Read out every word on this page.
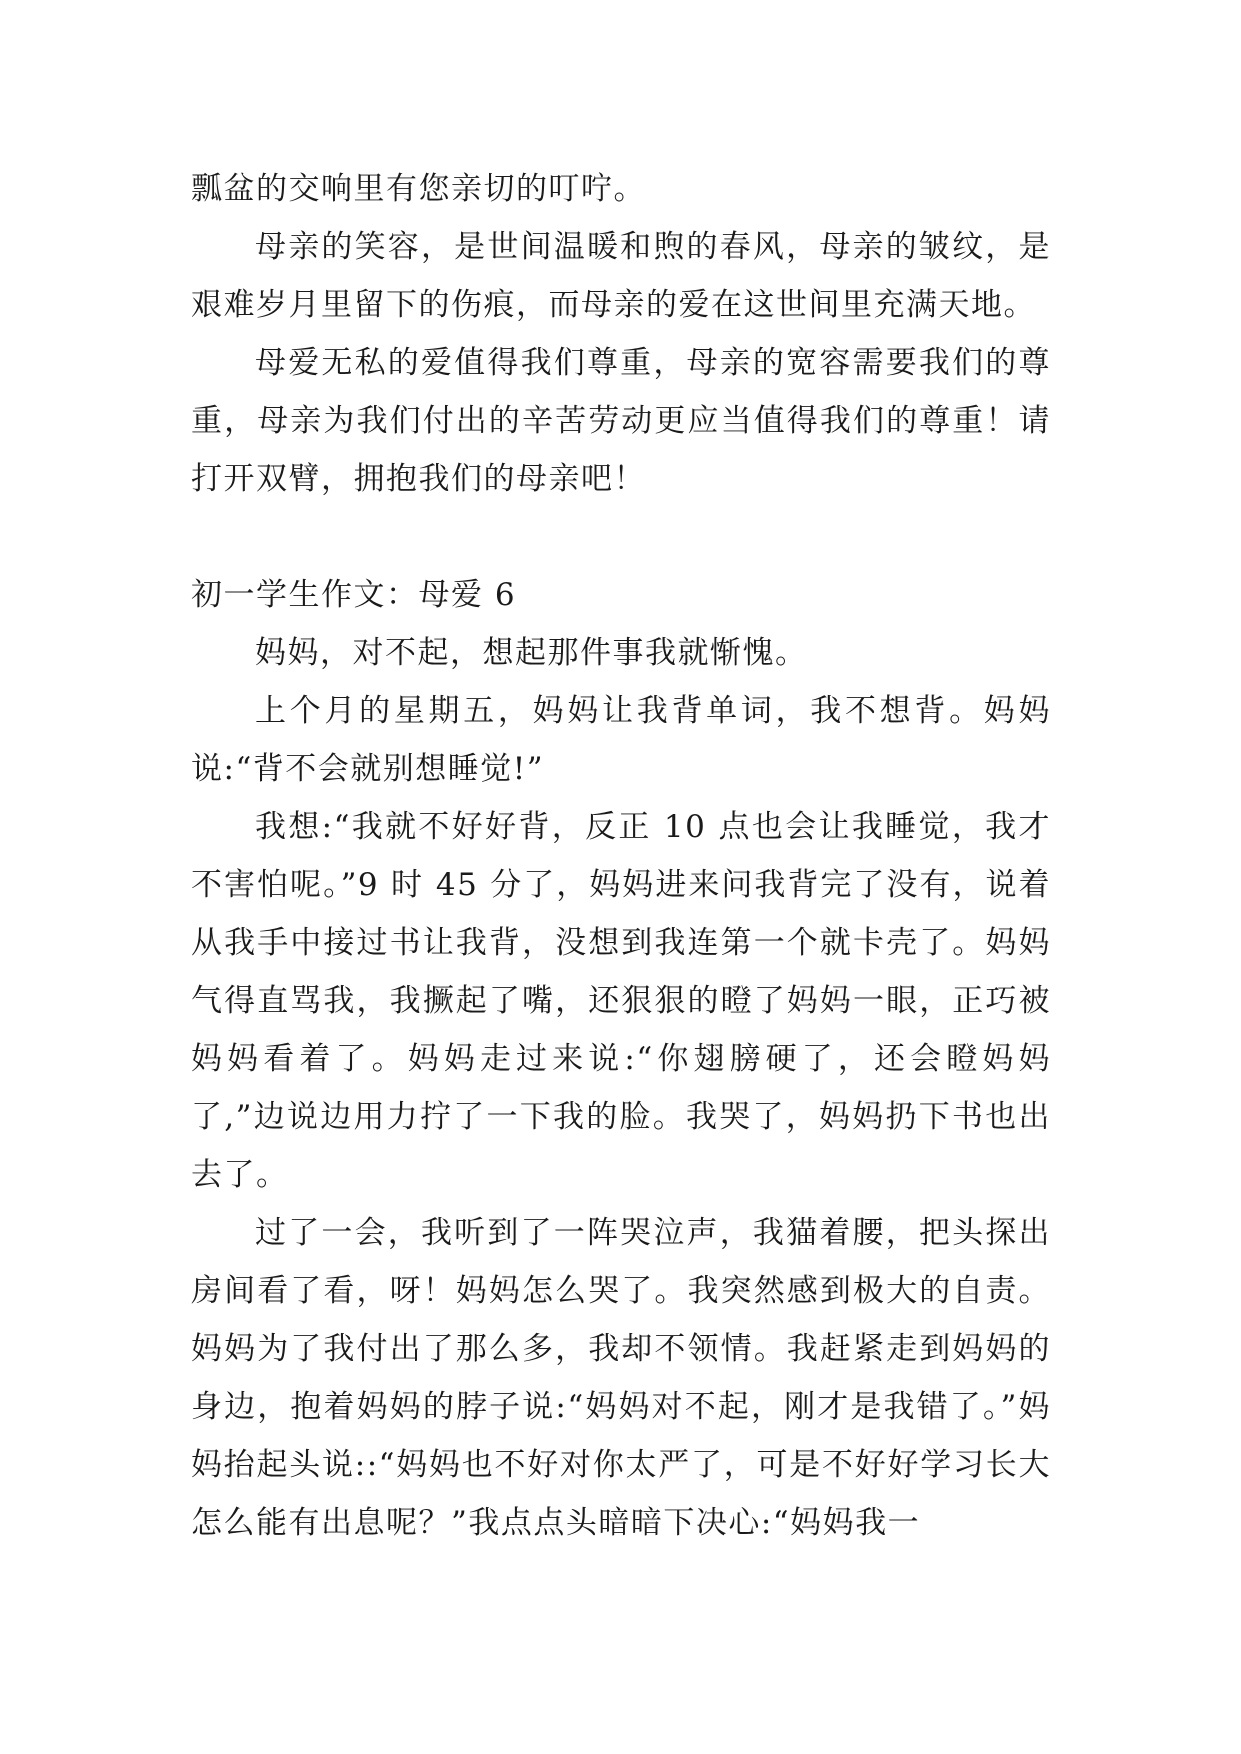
瓢盆的交响里有您亲切的叮咛。

母亲的笑容，是世间温暖和煦的春风，母亲的皱纹，是艰难岁月里留下的伤痕，而母亲的爱在这世间里充满天地。

母爱无私的爱值得我们尊重，母亲的宽容需要我们的尊重，母亲为我们付出的辛苦劳动更应当值得我们的尊重！请打开双臂，拥抱我们的母亲吧！

初一学生作文：母爱 6

妈妈，对不起，想起那件事我就惭愧。

上个月的星期五，妈妈让我背单词，我不想背。妈妈说:“背不会就别想睡觉!”

我想:“我就不好好背，反正 10 点也会让我睡觉，我才不害怕呢。”9 时 45 分了，妈妈进来问我背完了没有，说着从我手中接过书让我背，没想到我连第一个就卡壳了。妈妈气得直骂我，我撅起了嘴，还狠狠的瞪了妈妈一眼，正巧被妈妈看着了。妈妈走过来说:“你翅膀硬了，还会瞪妈妈了,”边说边用力拧了一下我的脸。我哭了，妈妈扔下书也出去了。

过了一会，我听到了一阵哭泣声，我猫着腰，把头探出房间看了看，呀！妈妈怎么哭了。我突然感到极大的自责。妈妈为了我付出了那么多，我却不领情。我赶紧走到妈妈的身边，抱着妈妈的脖子说:“妈妈对不起，刚才是我错了。”妈妈抬起头说::“妈妈也不好对你太严了，可是不好好学习长大怎么能有出息呢？”我点点头暗暗下决心:“妈妈我一
